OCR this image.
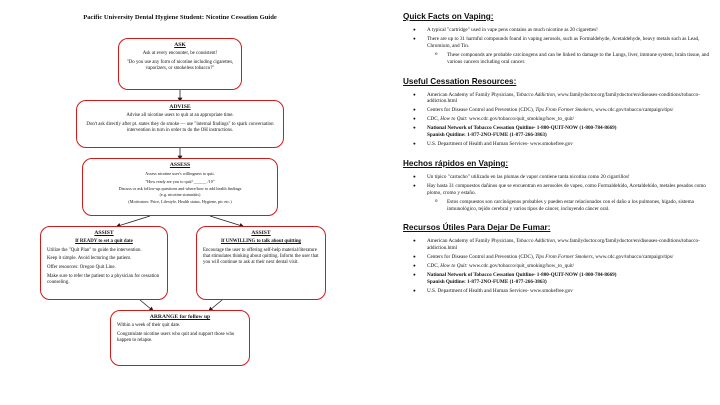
Pacific University Dental Hygiene Student: Nicotine Cessation Guide
ASK

Ask at every encounter, be consistent!

"Do you use any form of nicotine including cigarettes, vaporizers, or smokeless tobacco?"

ADVISE

Advise all nicotine users to quit at an appropriate time.

Don't ask directly after pt. states they do smoke — use "internal findings" to spark conversation intervention in turn in order to do the OH instructions.

ASSESS

Assess nicotine user's willingness to quit.

"How ready are you to quit? ______ /10"

Discuss or ask follow-up questions and where/how to add health findings

(e.g. nicotine stomatitis)

(Motivators: Price, Lifestyle, Health status, Hygiene, pic etc.)

ASSIST

If READY to set a quit date

Utilize the "Quit Plan" to guide the intervention.

Keep it simple. Avoid lecturing the patient.

Offer resources: Oregon Quit Line.

Make sure to refer the patient to a physician for cessation counseling.

ASSIST

If UNWILLING to talk about quitting

Encourage the user to offering self-help material/literature that stimulates thinking about quitting. Inform the user that you will continue to ask at their next dental visit.

ARRANGE for follow up

Within a week of their quit date.

Congratulate nicotine users who quit and support those who happen to relapse.

Quick Facts on Vaping:
● A typical "cartridge" used in vape pens contains as much nicotine as 20 cigarettes!
● There are up to 31 harmful compounds found in vaping aerosols, such as Formaldehyde, Acetaldehyde, heavy metals such as Lead, Chromium, and Tin.
o These compounds are probable carcinogens and can be linked to damage to the Lungs, liver, immune system, brain tissue, and various cancers including oral cancer.
Useful Cessation Resources:
● American Academy of Family Physicians, Tobacco Addiction, www.familydoctor.org/familydoctor/en/diseases-conditions/tobacco-addiction.html
● Centers for Disease Control and Prevention (CDC), Tips From Former Smokers, www.cdc.gov/tobacco/campaign/tips/
● CDC, How to Quit: www.cdc.gov/tobacco/quit_smoking/how_to_quit/
● National Network of Tobacco Cessation Quitline- 1-800-QUIT-NOW (1-800-784-8669)
Spanish Quitline: 1-877-2NO-FUME (1-877-266-3863)
● U.S. Department of Health and Human Services- www.smokefree.gov
Hechos rápidos en Vaping:
● Un típico "cartucho" utilizado en las plumas de vapor contiene tanta nicotina como 20 cigarrillos!
● Hay hasta 31 compuestos dañinos que se encuentran en aerosoles de vapeo, como Formaldehído, Acetaldehído, metales pesados como plomo, cromo y estaño.
o Estos compuestos son carcinógenos probables y pueden estar relacionados con el daño a los pulmones, hígado, sistema inmunológico, tejido cerebral y varios tipos de cáncer, incluyendo cáncer oral.
Recursos Útiles Para Dejar De Fumar:
● American Academy of Family Physicians, Tobacco Addiction, www.familydoctor.org/familydoctor/en/diseases-conditions/tobacco-addiction.html
● Centers for Disease Control and Prevention (CDC), Tips From Former Smokers, www.cdc.gov/tobacco/campaign/tips/
● CDC, How to Quit: www.cdc.gov/tobacco/quit_smoking/how_to_quit/
● National Network of Tobacco Cessation Quitline- 1-800-QUIT-NOW (1-800-784-8669)
Spanish Quitline: 1-877-2NO-FUME (1-877-266-3863)
● U.S. Department of Health and Human Services- www.smokefree.gov
